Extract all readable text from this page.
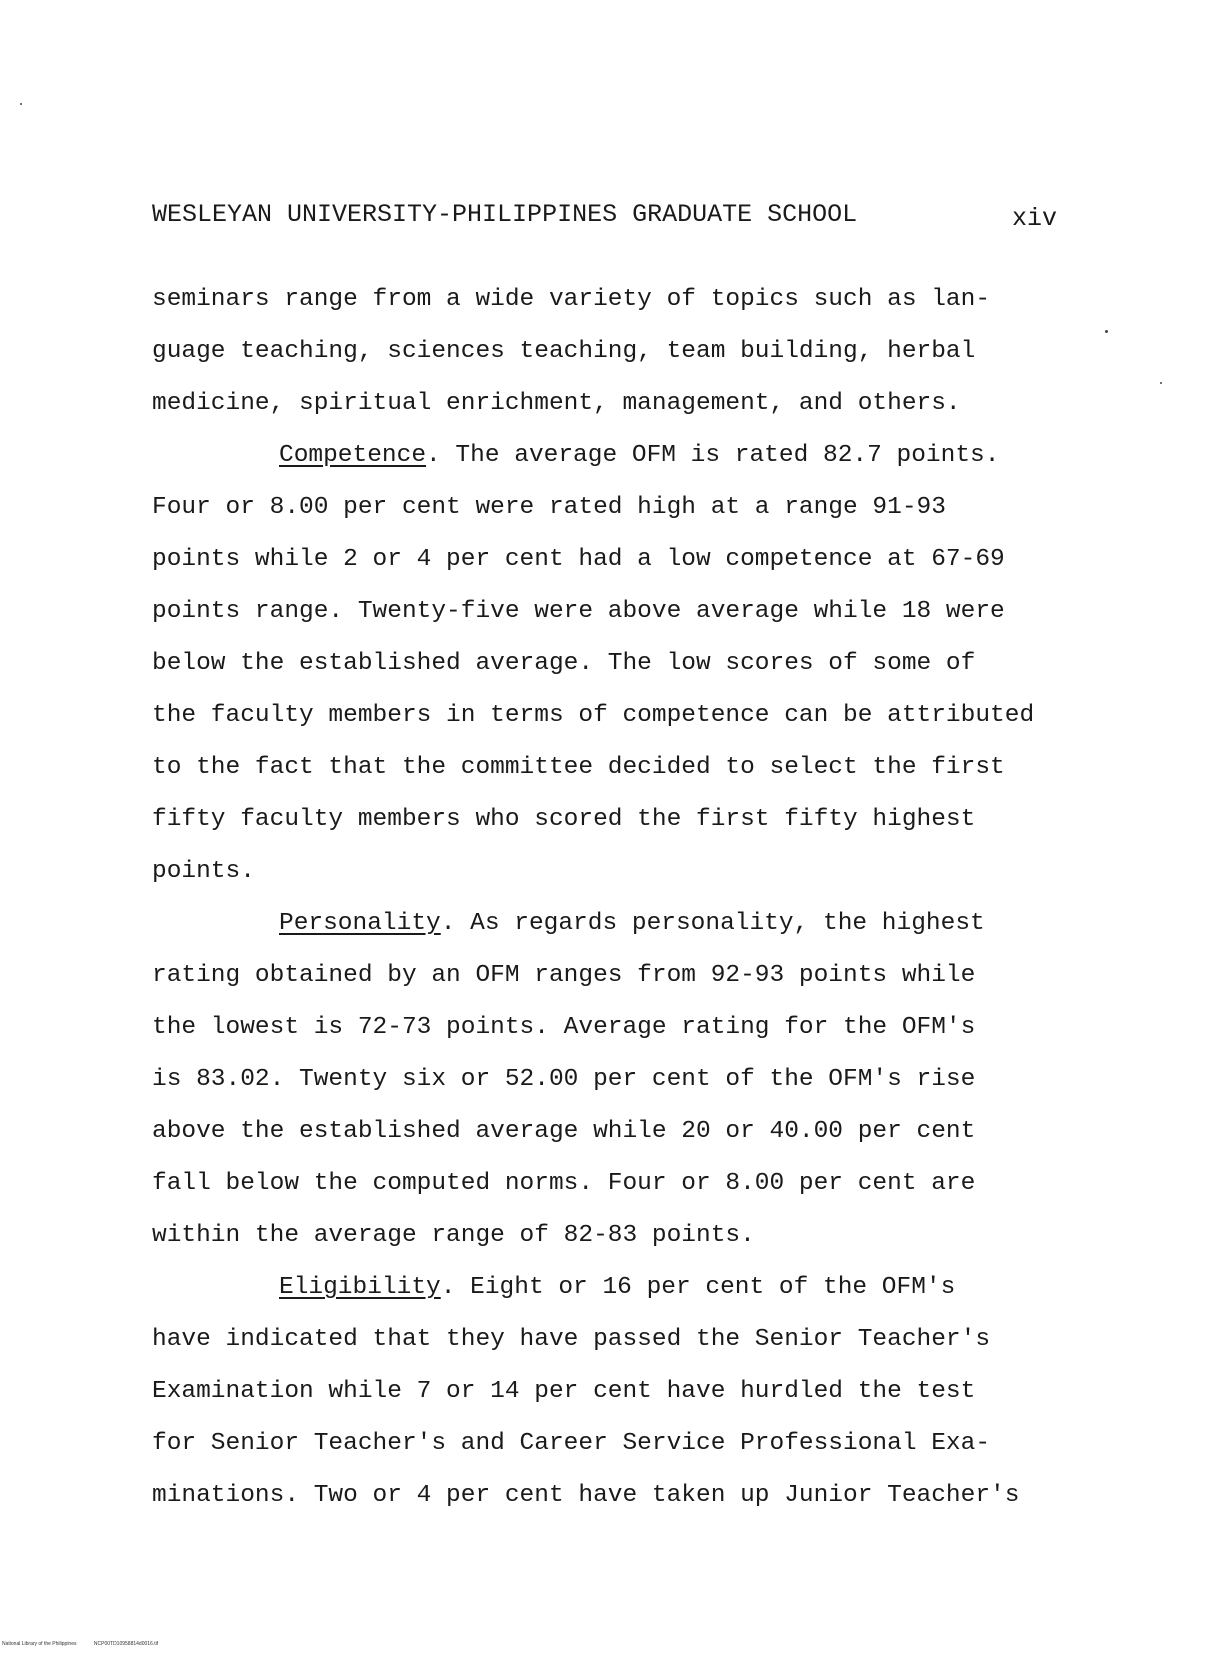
WESLEYAN UNIVERSITY-PHILIPPINES GRADUATE SCHOOL	xiv
seminars range from a wide variety of topics such as lan-
guage teaching, sciences teaching, team building, herbal
medicine, spiritual enrichment, management, and others.
Competence. The average OFM is rated 82.7 points.
Four or 8.00 per cent were rated high at a range 91-93
points while 2 or 4 per cent had a low competence at 67-69
points range. Twenty-five were above average while 18 were
below the established average. The low scores of some of
the faculty members in terms of competence can be attributed
to the fact that the committee decided to select the first
fifty faculty members who scored the first fifty highest
points.
Personality. As regards personality, the highest
rating obtained by an OFM ranges from 92-93 points while
the lowest is 72-73 points. Average rating for the OFM's
is 83.02. Twenty six or 52.00 per cent of the OFM's rise
above the established average while 20 or 40.00 per cent
fall below the computed norms. Four or 8.00 per cent are
within the average range of 82-83 points.
Eligibility. Eight or 16 per cent of the OFM's
have indicated that they have passed the Senior Teacher's
Examination while 7 or 14 per cent have hurdled the test
for Senior Teacher's and Career Service Professional Exa-
minations. Two or 4 per cent have taken up Junior Teacher's
National Library of the Philippines	NCP00TD10958814d0016.tif
